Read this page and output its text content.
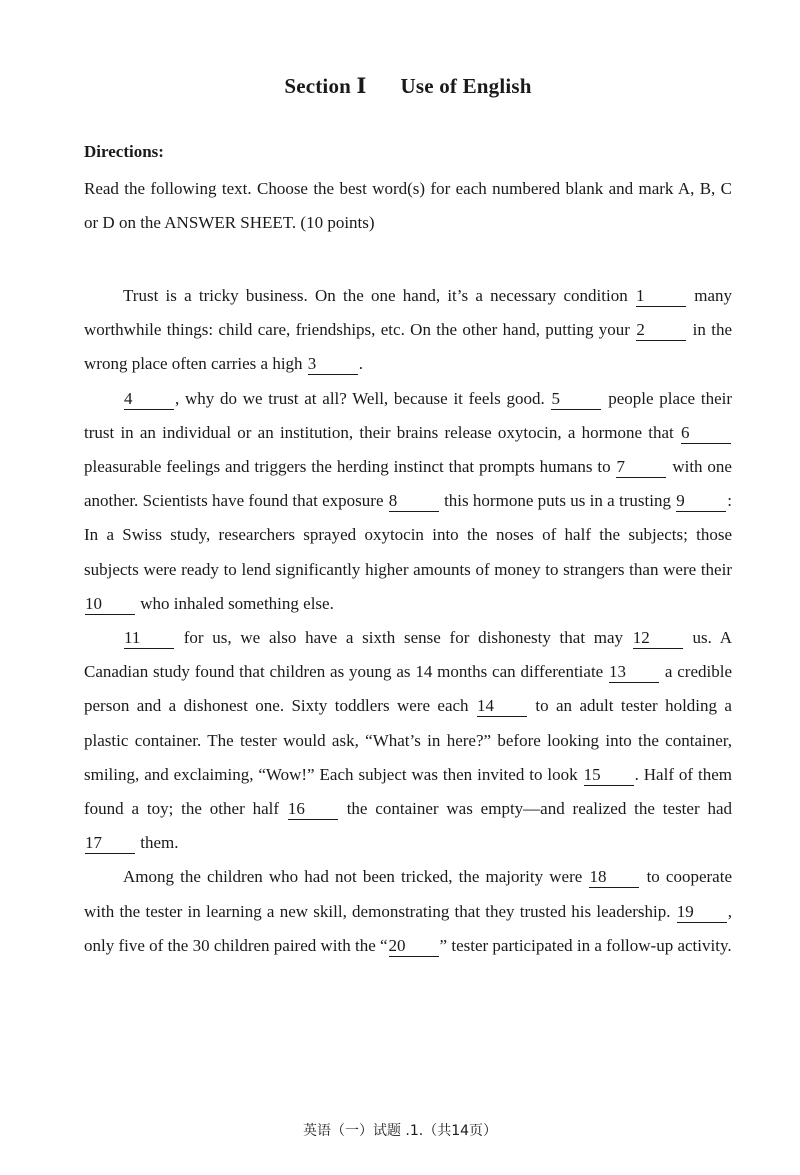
Section Ⅰ Use of English
Directions:
Read the following text. Choose the best word(s) for each numbered blank and mark A, B, C or D on the ANSWER SHEET. (10 points)

Trust is a tricky business. On the one hand, it’s a necessary condition 1	many worthwhile things: child care, friendships, etc. On the other hand, putting your 2	in the wrong place often carries a high 3	.

4	, why do we trust at all? Well, because it feels good. 5	people place their trust in an individual or an institution, their brains release oxytocin, a hormone that 6 pleasurable feelings and triggers the herding instinct that prompts humans to 7	with one another. Scientists have found that exposure 8	this hormone puts us in a trusting 9	: In a Swiss study, researchers sprayed oxytocin into the noses of half the subjects; those subjects were ready to lend significantly higher amounts of money to strangers than were their 10 who inhaled something else.

11 for us, we also have a sixth sense for dishonesty that may 12 us. A Canadian study found that children as young as 14 months can differentiate 13 a credible person and a dishonest one. Sixty toddlers were each 14 to an adult tester holding a plastic container. The tester would ask, “What’s in here?” before looking into the container, smiling, and exclaiming, “Wow!” Each subject was then invited to look 15 . Half of them found a toy; the other half 16 the container was empty—and realized the tester had 17 them.

Among the children who had not been tricked, the majority were 18 to cooperate with the tester in learning a new skill, demonstrating that they trusted his leadership. 19 , only five of the 30 children paired with the “20 ” tester participated in a follow-up activity.

英语（一）试题 .1.（共14页）
